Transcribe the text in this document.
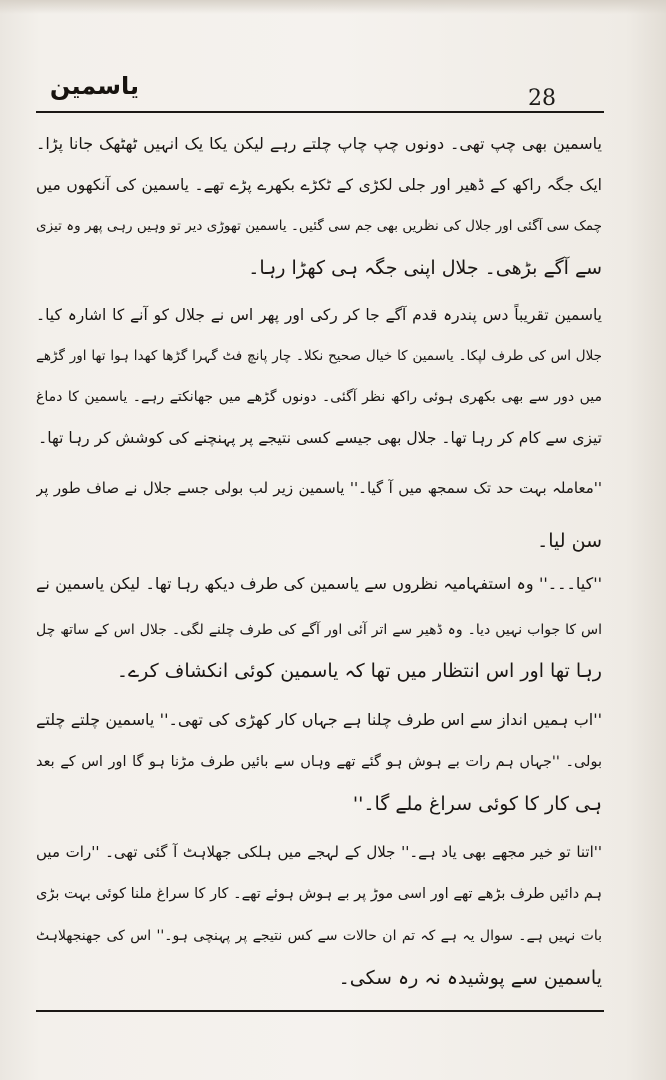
یاسمین	28
یاسمین بھی چپ تھی۔ دونوں چپ چاپ چلتے رہے لیکن یکا یک انہیں ٹھٹھک جانا پڑا۔
ایک جگہ راکھ کے ڈھیر اور جلی لکڑی کے ٹکڑے بکھرے پڑے تھے۔ یاسمین کی آنکھوں میں
چمک سی آگئی اور جلال کی نظریں بھی جم سی گئیں۔ یاسمین تھوڑی دیر تو وہیں رہی پھر وہ تیزی
سے آگے بڑھی۔ جلال اپنی جگہ ہی کھڑا رہا۔
یاسمین تقریباً دس پندرہ قدم آگے جا کر رکی اور پھر اس نے جلال کو آنے کا اشارہ کیا۔
جلال اس کی طرف لپکا۔ یاسمین کا خیال صحیح نکلا۔ چار پانچ فٹ گہرا گڑھا کھدا ہوا تھا اور گڑھے
میں دور سے بھی بکھری ہوئی راکھ نظر آگئی۔ دونوں گڑھے میں جھانکتے رہے۔ یاسمین کا دماغ
تیزی سے کام کر رہا تھا۔ جلال بھی جیسے کسی نتیجے پر پہنچنے کی کوشش کر رہا تھا۔
''معاملہ بہت حد تک سمجھ میں آ گیا۔'' یاسمین زیر لب بولی جسے جلال نے صاف طور پر
سن لیا۔
''کیا۔۔۔'' وہ استفہامیہ نظروں سے یاسمین کی طرف دیکھ رہا تھا۔ لیکن یاسمین نے
اس کا جواب نہیں دیا۔ وہ ڈھیر سے اتر آئی اور آگے کی طرف چلنے لگی۔ جلال اس کے ساتھ چل
رہا تھا اور اس انتظار میں تھا کہ یاسمین کوئی انکشاف کرے۔
''اب ہمیں انداز سے اس طرف چلنا ہے جہاں کار کھڑی کی تھی۔'' یاسمین چلتے چلتے
بولی۔ ''جہاں ہم رات بے ہوش ہو گئے تھے وہاں سے بائیں طرف مڑنا ہو گا اور اس کے بعد
ہی کار کا کوئی سراغ ملے گا۔''
''اتنا تو خیر مجھے بھی یاد ہے۔'' جلال کے لہجے میں ہلکی جھلاہٹ آ گئی تھی۔ ''رات میں
ہم دائیں طرف بڑھے تھے اور اسی موڑ پر بے ہوش ہوئے تھے۔ کار کا سراغ ملنا کوئی بہت بڑی
بات نہیں ہے۔ سوال یہ ہے کہ تم ان حالات سے کس نتیجے پر پہنچی ہو۔'' اس کی جھنجھلاہٹ
یاسمین سے پوشیدہ نہ رہ سکی۔
